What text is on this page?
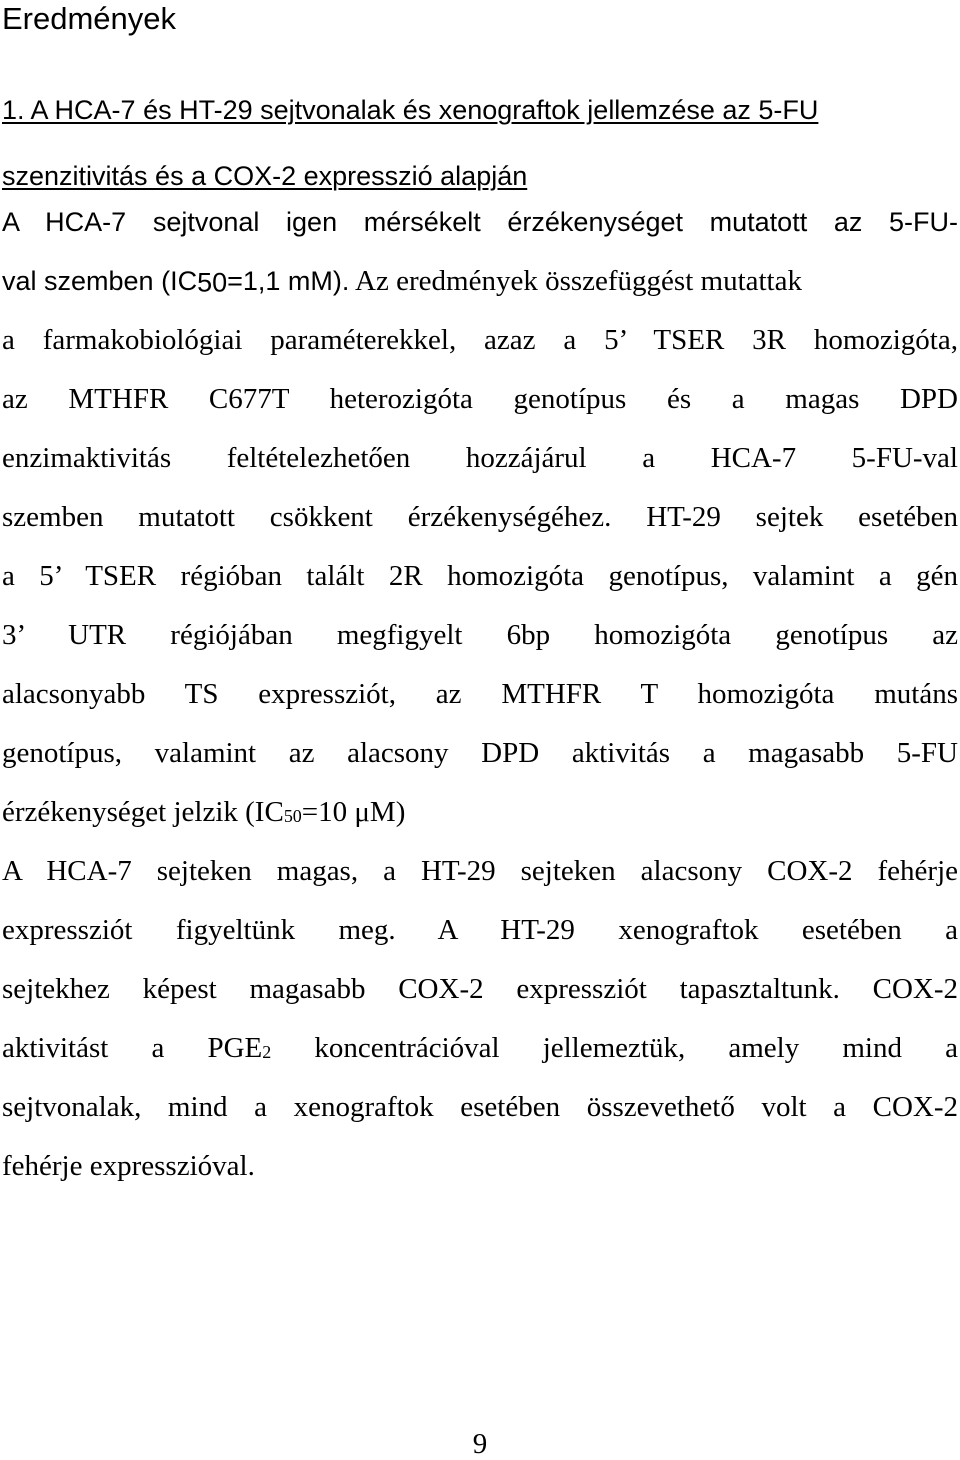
Eredmények
1. A HCA-7 és HT-29 sejtvonalak és xenograftok jellemzése az 5-FU
szenzitivitás és a COX-2 expresszió alapján
A HCA-7 sejtvonal igen mérsékelt érzékenységet mutatott az 5-FU-
val szemben (IC50=1,1 mM). Az eredmények összefüggést mutattak
a farmakobiológiai paraméterekkel, azaz a 5’ TSER 3R homozigóta,
az MTHFR C677T heterozigóta genotípus és a magas DPD
enzimaktivitás feltételezhetően hozzájárul a HCA-7 5-FU-val
szemben mutatott csökkent érzékenységéhez. HT-29 sejtek esetében
a 5’ TSER régióban talált 2R homozigóta genotípus, valamint a gén
3’ UTR régiójában megfigyelt 6bp homozigóta genotípus az
alacsonyabb TS expressziót, az MTHFR T homozigóta mutáns
genotípus, valamint az alacsony DPD aktivitás a magasabb 5-FU
érzékenységet jelzik (IC50=10 μM)
A HCA-7 sejteken magas, a HT-29 sejteken alacsony COX-2 fehérje
expressziót figyeltünk meg. A HT-29 xenograftok esetében a
sejtekhez képest magasabb COX-2 expressziót tapasztaltunk. COX-2
aktivitást a PGE2 koncentrációval jellemeztük, amely mind a
sejtvonalak, mind a xenograftok esetében összevethető volt a COX-2
fehérje expresszióval.
9
